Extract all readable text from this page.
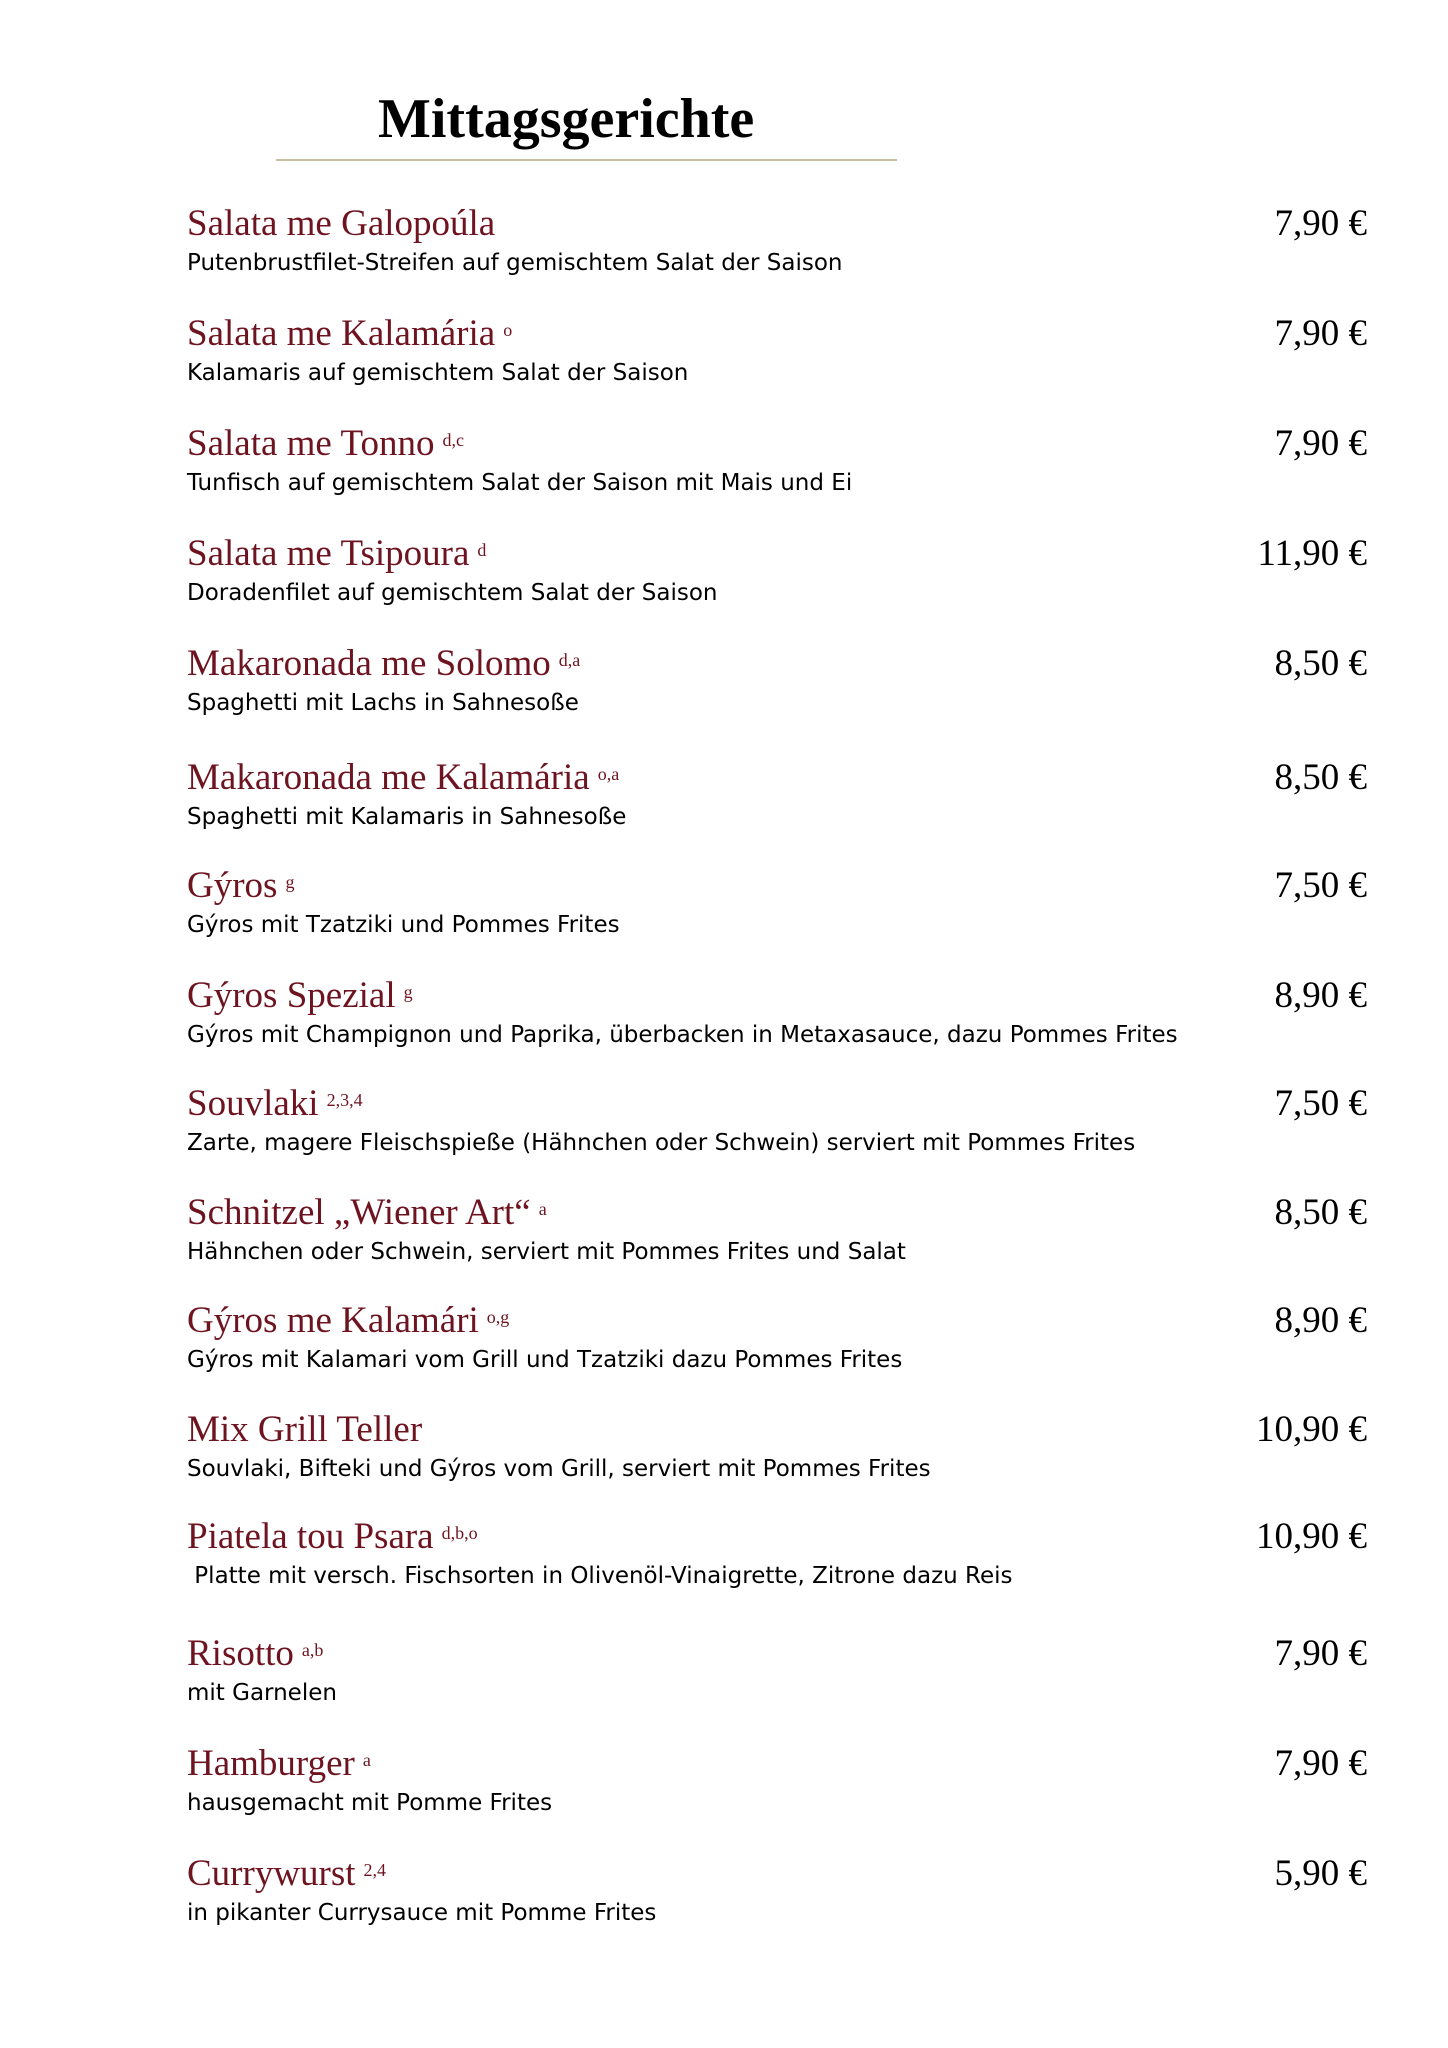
Mittagsgerichte
Salata me Galopoúla
Putenbrustfilet-Streifen auf gemischtem Salat der Saison
7,90 €
Salata me Kalamária $^o$
Kalamaris auf gemischtem Salat der Saison
7,90 €
Salata me Tonno $^{d,c}$
Tunfisch auf gemischtem Salat der Saison mit Mais und Ei
7,90 €
Salata me Tsipoura $^d$
Doradenfilet auf gemischtem Salat der Saison
11,90 €
Makaronada me Solomo $^{d,a}$
Spaghetti mit Lachs in Sahnesoße
8,50 €
Makaronada me Kalamária $^{o,a}$
Spaghetti mit Kalamaris in Sahnesoße
8,50 €
Gýros $^g$
Gýros mit Tzatziki und Pommes Frites
7,50 €
Gýros Spezial $^g$
Gýros mit Champignon und Paprika, überbacken in Metaxasauce, dazu Pommes Frites
8,90 €
Souvlaki $^{2,3,4}$
Zarte, magere Fleischspieße (Hähnchen oder Schwein) serviert mit Pommes Frites
7,50 €
Schnitzel „Wiener Art“ $^a$
Hähnchen oder Schwein, serviert mit Pommes Frites und Salat
8,50 €
Gýros me Kalamári $^{o,g}$
Gýros mit Kalamari vom Grill und Tzatziki dazu Pommes Frites
8,90 €
Mix Grill Teller
Souvlaki, Bifteki und Gýros vom Grill, serviert mit Pommes Frites
10,90 €
Piatela tou Psara $^{d,b,o}$
Platte mit versch. Fischsorten in Olivenöl-Vinaigrette, Zitrone dazu Reis
10,90 €
Risotto $^{a,b}$
mit Garnelen
7,90 €
Hamburger $^a$
hausgemacht mit Pomme Frites
7,90 €
Currywurst $^{2,4}$
in pikanter Currysauce mit Pomme Frites
5,90 €
